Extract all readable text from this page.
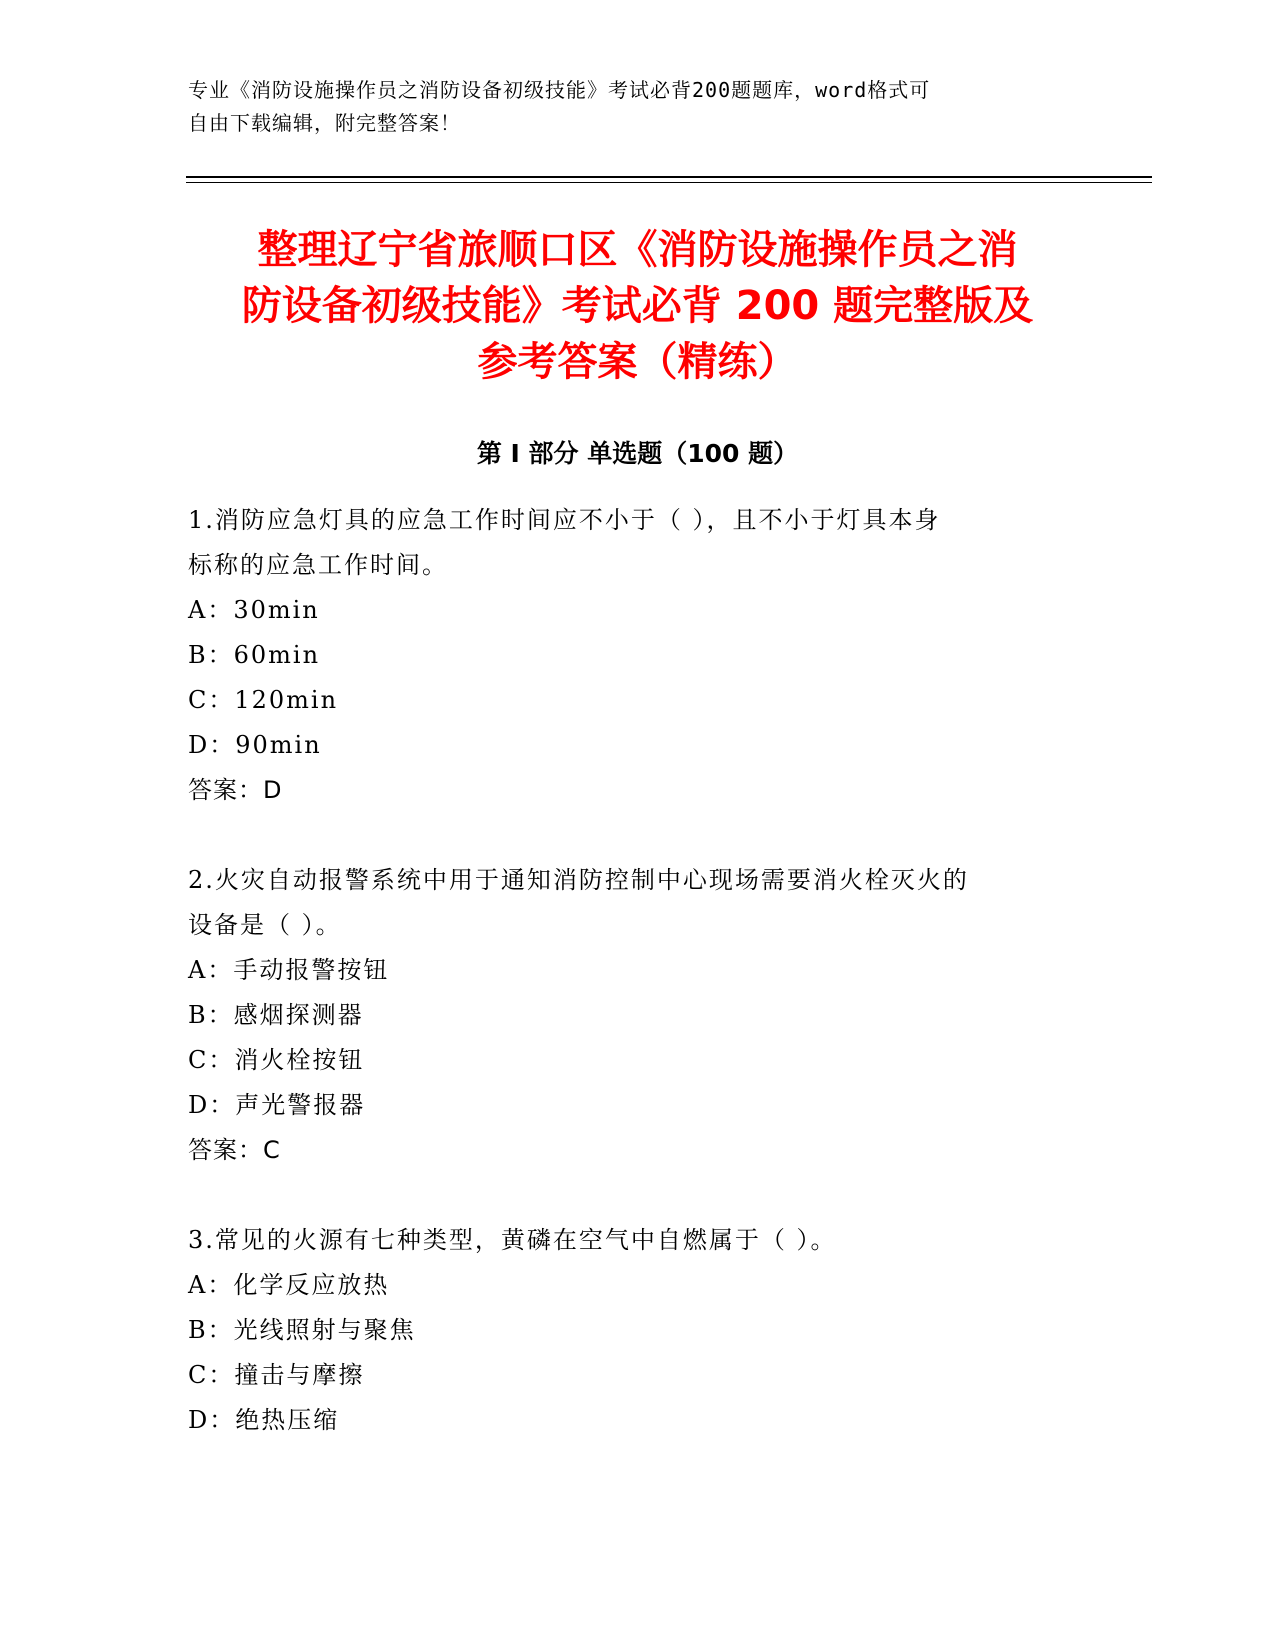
专业《消防设施操作员之消防设备初级技能》考试必背200题题库，word格式可
自由下载编辑，附完整答案！
整理辽宁省旅顺口区《消防设施操作员之消
防设备初级技能》考试必背 200 题完整版及
参考答案（精练）
第 I 部分 单选题（100 题）
1.消防应急灯具的应急工作时间应不小于（ ），且不小于灯具本身
标称的应急工作时间。
A：30min
B：60min
C：120min
D：90min
答案：D
2.火灾自动报警系统中用于通知消防控制中心现场需要消火栓灭火的
设备是（ ）。
A：手动报警按钮
B：感烟探测器
C：消火栓按钮
D：声光警报器
答案：C
3.常见的火源有七种类型，黄磷在空气中自燃属于（ ）。
A：化学反应放热
B：光线照射与聚焦
C：撞击与摩擦
D：绝热压缩
